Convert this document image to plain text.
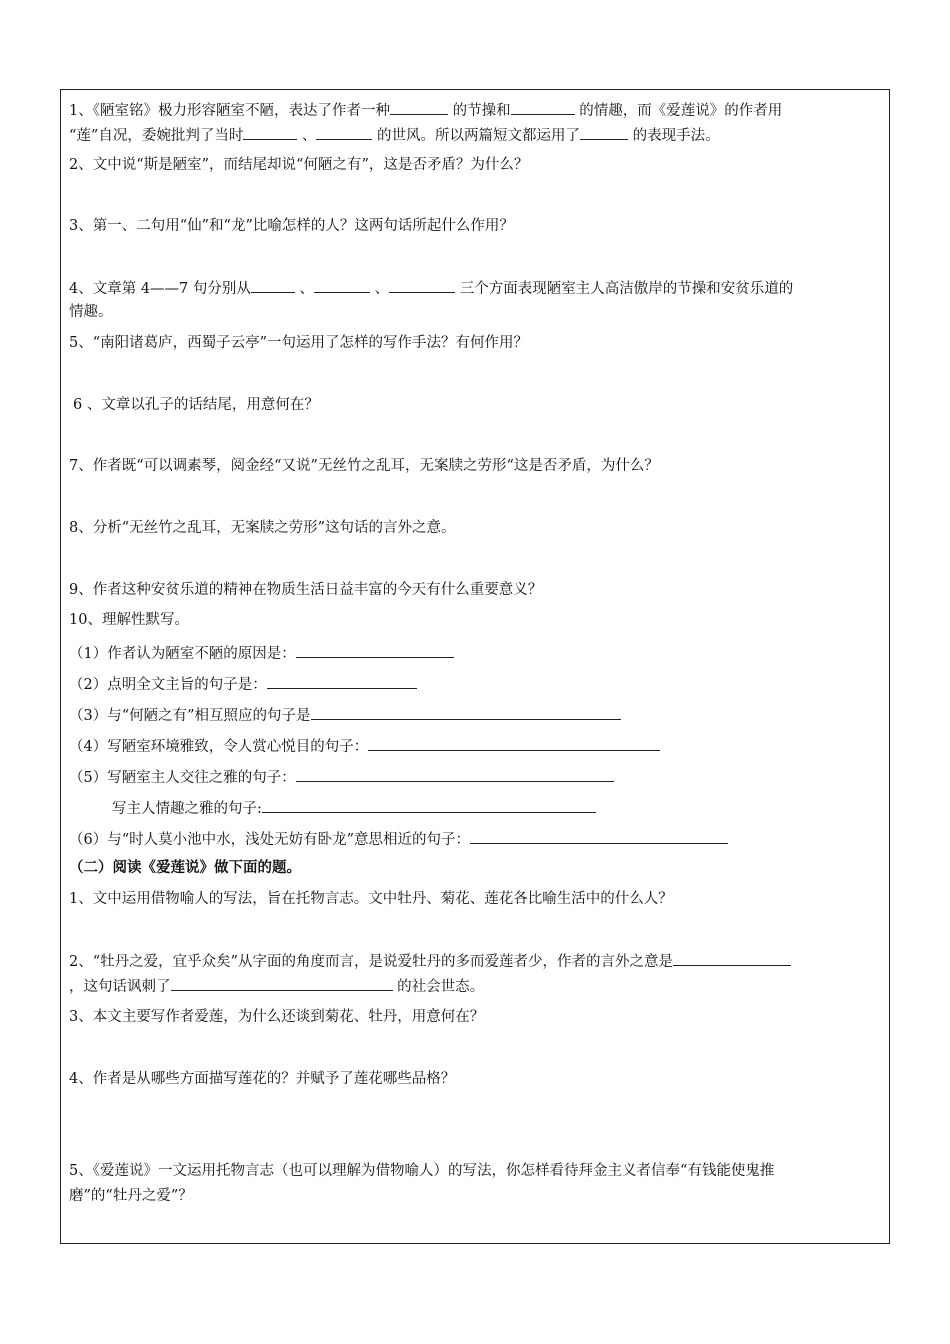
1、《陋室铭》极力形容陋室不陋，表达了作者一种	的节操和	的情趣，而《爱莲说》的作者用
“莲”自况，委婉批判了当时	、	的世风。所以两篇短文都运用了	的表现手法。
2、文中说“斯是陋室”，而结尾却说“何陋之有”，这是否矛盾？为什么？
3、第一、二句用“仙”和“龙”比喻怎样的人？这两句话所起什么作用？
4、文章第 4——7 句分别从	、	、	三个方面表现陋室主人高洁傲岸的节操和安贫乐道的
情趣。
5、“南阳诸葛庐，西蜀子云亭”一句运用了怎样的写作手法？有何作用？
6 、文章以孔子的话结尾，用意何在？
7、作者既“可以调素琴，阅金经“又说”无丝竹之乱耳，无案牍之劳形“这是否矛盾，为什么？
8、分析“无丝竹之乱耳，无案牍之劳形”这句话的言外之意。
9、作者这种安贫乐道的精神在物质生活日益丰富的今天有什么重要意义？
10、理解性默写。
（1）作者认为陋室不陋的原因是：
（2）点明全文主旨的句子是：
（3）与“何陋之有”相互照应的句子是
（4）写陋室环境雅致，令人赏心悦目的句子：
（5）写陋室主人交往之雅的句子：
写主人情趣之雅的句子:
（6）与“时人莫小池中水，浅处无妨有卧龙”意思相近的句子：
（二）阅读《爱莲说》做下面的题。
1、文中运用借物喻人的写法，旨在托物言志。文中牡丹、菊花、莲花各比喻生活中的什么人？
2、“牡丹之爱，宜乎众矣”从字面的角度而言，是说爱牡丹的多而爱莲者少，作者的言外之意是
，这句话讽刺了	的社会世态。
3、本文主要写作者爱莲，为什么还谈到菊花、牡丹，用意何在？
4、作者是从哪些方面描写莲花的？并赋予了莲花哪些品格？
5、《爱莲说》一文运用托物言志（也可以理解为借物喻人）的写法，你怎样看待拜金主义者信奉“有钱能使鬼推
磨”的“牡丹之爱”？
